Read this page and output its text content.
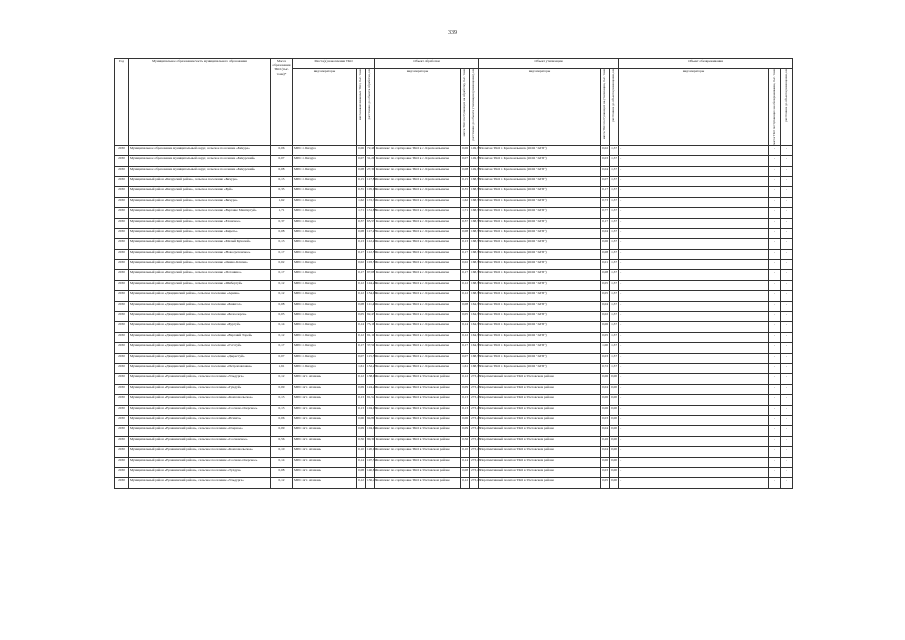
339
Год	Муниципальное образование/часть муниципального образования	Масса образования ТКО (тыс. тонн)*	Место(а) накопления ТКО			Объект обработки			Объект утилизации			Объект обезвреживания		
			вид/операторы	масса накапливаемых ТКО, тыс. тонн	расстояние до объекта обработки, км	вид/операторы	масса ТКО поступающих на обработку, тыс. тонн	расстояние до объекта утилизации (размещения), км	вид/операторы	масса ТКО поступающих на утилизацию, тыс. тонн	расстояние до объекта размещения, км	вид/операторы	масса ТКО поступающих на обезвреживание, тыс. тонн	расстояние до объекта размещения, км

2030	Муниципальное образование муниципальный округ, сельское поселение «Бичура»	0,06	МПС г. Бичура	0,06	72,46	Комплекс по сортировке ТКО в с. Красноильинске	0,06	149,73	Полигон ТКО г. Красноильинск (ООО "АТП")	0,02	1,37	-	-	-
2030	Муниципальное образование муниципальный округ, сельское поселение «Бичурский»	0,07	МПС г. Бичура	0,07	31,20	Комплекс по сортировке ТКО в с. Красноильинске	0,07	149,73	Полигон ТКО г. Красноильинск (ООО "АТП")	0,03	1,37	-	-	-
2030	Муниципальное образование муниципальный округ, сельское поселение «Бичурский»	0,08	МПС г. Бичура	0,08	27,39	Комплекс по сортировке ТКО в с. Красноильинске	0,08	149,73	Полигон ТКО г. Красноильинск (ООО "АТП")	0,04	1,37	-	-	-
2030	Муниципальный район «Бичурский район», сельское поселение «Бичура»	0,15	МПС г. Бичура	0,15	117,89	Комплекс по сортировке ТКО в с. Красноильинске	0,15	168,33	Полигон ТКО г. Красноильинск (ООО "АТП")	0,07	1,37	-	-	-
2030	Муниципальный район «Бичурский район», сельское поселение «Буй»	0,35	МПС г. Бичура	0,35	105,96	Комплекс по сортировке ТКО в с. Красноильинске	0,35	168,33	Полигон ТКО г. Красноильинск (ООО "АТП")	0,17	1,37	-	-	-
2030	Муниципальный район «Бичурский район», сельское поселение «Бичура»	1,62	МПС г. Бичура	1,62	172,71	Комплекс по сортировке ТКО в с. Красноильинске	1,62	168,33	Полигон ТКО г. Красноильинск (ООО "АТП")	0,73	1,37	-	-	-
2030	Муниципальный район «Бичурский район», сельское поселение «Верхние Мангиртуй»	1,71	МПС г. Бичура	1,71	131,88	Комплекс по сортировке ТКО в с. Красноильинске	1,71	168,33	Полигон ТКО г. Красноильинск (ООО "АТП")	0,77	1,37	-	-	-
2030	Муниципальный район «Бичурский район», сельское поселение «Еланское»	0,37	МПС г. Бичура	0,37	65,53	Комплекс по сортировке ТКО в с. Красноильинске	0,37	168,33	Полигон ТКО г. Красноильинск (ООО "АТП")	0,17	1,37	-	-	-
2030	Муниципальный район «Бичурский район», сельское поселение «Киреть»	0,08	МПС г. Бичура	0,08	117,27	Комплекс по сортировке ТКО в с. Красноильинске	0,08	168,33	Полигон ТКО г. Красноильинск (ООО "АТП")	0,04	1,37	-	-	-
2030	Муниципальный район «Бичурский район», сельское поселение «Малый Куналей»	0,13	МПС г. Бичура	0,13	112,25	Комплекс по сортировке ТКО в с. Красноильинске	0,13	168,33	Полигон ТКО г. Красноильинск (ООО "АТП")	0,06	1,37	-	-	-
2030	Муниципальный район «Бичурский район», сельское поселение «Новосретенское»	0,17	МПС г. Бичура	0,17	112,56	Комплекс по сортировке ТКО в с. Красноильинске	0,17	168,33	Полигон ТКО г. Красноильинск (ООО "АТП")	0,08	1,37	-	-	-
2030	Муниципальный район «Бичурский район», сельское поселение «Окино-Ключи»	0,02	МПС г. Бичура	0,02	103,50	Комплекс по сортировке ТКО в с. Красноильинске	0,02	168,33	Полигон ТКО г. Красноильинск (ООО "АТП")	0,01	1,37	-	-	-
2030	Муниципальный район «Бичурский район», сельское поселение «Потанино»	0,17	МПС г. Бичура	0,17	97,68	Комплекс по сортировке ТКО в с. Красноильинске	0,17	168,33	Полигон ТКО г. Красноильинск (ООО "АТП")	0,08	1,37	-	-	-
2030	Муниципальный район «Бичурский район», сельское поселение «Шибертуй»	0,12	МПС г. Бичура	0,12	144,26	Комплекс по сортировке ТКО в с. Красноильинске	0,12	168,33	Полигон ТКО г. Красноильинск (ООО "АТП")	0,05	1,37	-	-	-
2030	Муниципальный район «Джидинский район», сельское поселение «Армак»	0,12	МПС г. Бичура	0,12	154,16	Комплекс по сортировке ТКО в с. Красноильинске	0,12	168,33	Полигон ТКО г. Красноильинск (ООО "АТП")	0,05	1,37	-	-	-
2030	Муниципальный район «Джидинский район», сельское поселение «Баянгол»	0,08	МПС г. Бичура	0,08	111,42	Комплекс по сортировке ТКО в с. Красноильинске	0,08	164,33	Полигон ТКО г. Красноильинск (ООО "АТП")	0,04	1,37	-	-	-
2030	Муниципальный район «Джидинский район», сельское поселение «Белоозерск»	0,05	МПС г. Бичура	0,05	92,43	Комплекс по сортировке ТКО в с. Красноильинске	0,05	164,33	Полигон ТКО г. Красноильинск (ООО "АТП")	0,02	1,37	-	-	-
2030	Муниципальный район «Джидинский район», сельское поселение «Бургуй»	0,14	МПС г. Бичура	0,14	73,16	Комплекс по сортировке ТКО в с. Красноильинске	0,14	164,33	Полигон ТКО г. Красноильинск (ООО "АТП")	0,06	1,37	-	-	-
2030	Муниципальный район «Джидинский район», сельское поселение «Верхний Торей»	0,12	МПС г. Бичура	0,12	91,10	Комплекс по сортировке ТКО в с. Красноильинске	0,12	164,33	Полигон ТКО г. Красноильинск (ООО "АТП")	0,05	1,37	-	-	-
2030	Муниципальный район «Джидинский район», сельское поселение «Гэгэтуй»	0,17	МПС г. Бичура	0,17	37,50	Комплекс по сортировке ТКО в с. Красноильинске	0,17	164,33	Полигон ТКО г. Красноильинск (ООО "АТП")	1,00	1,37	-	-	-
2030	Муниципальный район «Джидинский район», сельское поселение «Дырестуй»	0,07	МПС г. Бичура	0,07	115,36	Комплекс по сортировке ТКО в с. Красноильинске	0,07	168,33	Полигон ТКО г. Красноильинск (ООО "АТП")	0,03	1,37	-	-	-
2030	Муниципальный район «Джидинский район», сельское поселение «Петропавловка»	1,61	МПС г. Бичура	1,61	152,27	Комплекс по сортировке ТКО в с. Красноильинске	1,61	168,33	Полигон ТКО г. Красноильинск (ООО "АТП")	0,72	1,37	-	-	-
2030	Муниципальный район «Еравнинский район», сельское поселение «Ульдурга»	0,12	МПС пгт. Атамань	0,12	138,00	Комплекс по сортировке ТКО в Улетовском районе	0,12	273,43	Перспективный полигон ТКО в Улетовском районе	0,06	0,00	-	-	-
2030	Муниципальный район «Еравнинский район», сельское поселение «Гундуй»	0,09	МПС пгт. Атамань	0,09	124,20	Комплекс по сортировке ТКО в Улетовском районе	0,09	273,43	Перспективный полигон ТКО в Улетовском районе	0,04	0,00	-	-	-
2030	Муниципальный район «Еравнинский район», сельское поселение «Комсомольское»	0,13	МПС пгт. Атамань	0,13	91,54	Комплекс по сортировке ТКО в Улетовском районе	0,13	273,43	Перспективный полигон ТКО в Улетовском районе	0,06	0,00	-	-	-
2030	Муниципальный район «Еравнинский район», сельское поселение «Сосново-Озерское»	0,13	МПС пгт. Атамань	0,13	104,15	Комплекс по сортировке ТКО в Улетовском районе	0,13	273,43	Перспективный полигон ТКО в Улетовском районе	0,06	0,00	-	-	-
2030	Муниципальный район «Еравнинский район», сельское поселение «Исинга»	0,06	МПС пгт. Атамань	0,06	94,80	Комплекс по сортировке ТКО в Улетовском районе	0,06	273,43	Перспективный полигон ТКО в Улетовском районе	0,03	0,00	-	-	-
2030	Муниципальный район «Еравнинский район», сельское поселение «Озерное»	0,09	МПС пгт. Атамань	0,09	104,02	Комплекс по сортировке ТКО в Улетовском районе	0,09	273,43	Перспективный полигон ТКО в Улетовском районе	0,04	0,00	-	-	-
2030	Муниципальный район «Еравнинский район», сельское поселение «Сосновское»	0,56	МПС пгт. Атамань	0,56	90,30	Комплекс по сортировке ТКО в Улетовском районе	0,56	273,43	Перспективный полигон ТКО в Улетовском районе	0,26	0,00	-	-	-
2030	Муниципальный район «Еравнинский район», сельское поселение «Комсомольское»	0,10	МПС пгт. Атамань	0,10	120,00	Комплекс по сортировке ТКО в Улетовском районе	0,10	273,43	Перспективный полигон ТКО в Улетовском районе	0,04	0,00	-	-	-
2030	Муниципальный район «Еравнинский район», сельское поселение «Сосново-Озерское»	0,14	МПС пгт. Атамань	0,14	107,59	Комплекс по сортировке ТКО в Улетовском районе	0,14	273,43	Перспективный полигон ТКО в Улетовском районе	0,06	0,00	-	-	-
2030	Муниципальный район «Еравнинский район», сельское поселение «Тулдун»	0,08	МПС пгт. Атамань	0,08	140,82	Комплекс по сортировке ТКО в Улетовском районе	0,08	273,43	Перспективный полигон ТКО в Улетовском районе	0,03	0,00	-	-	-
2030	Муниципальный район «Еравнинский район», сельское поселение «Ульдурга»	0,12	МПС пгт. Атамань	0,12	136,45	Комплекс по сортировке ТКО в Улетовском районе	0,12	273,43	Перспективный полигон ТКО в Улетовском районе	0,05	0,00	-	-	-
